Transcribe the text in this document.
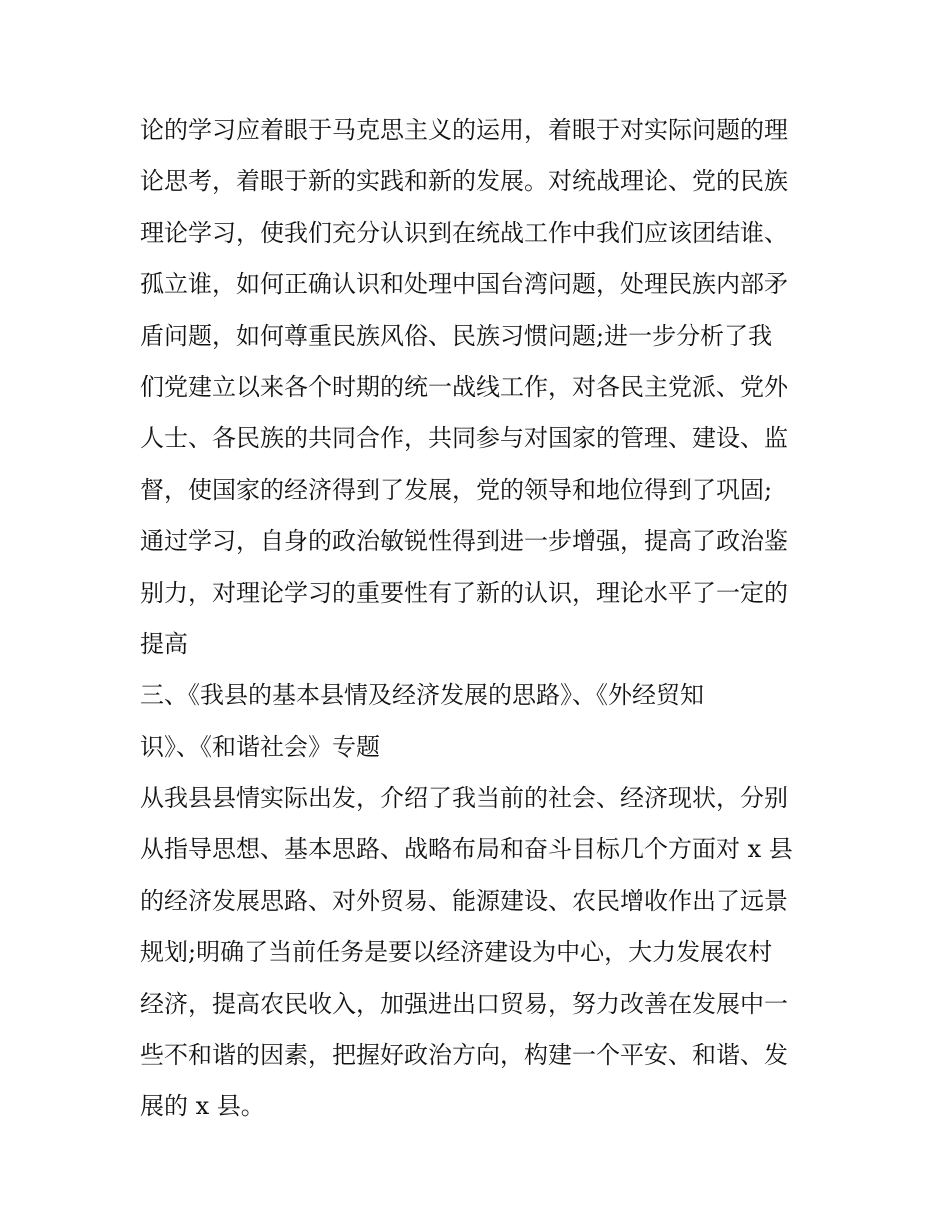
论的学习应着眼于马克思主义的运用，着眼于对实际问题的理
论思考，着眼于新的实践和新的发展。对统战理论、党的民族
理论学习，使我们充分认识到在统战工作中我们应该团结谁、
孤立谁，如何正确认识和处理中国台湾问题，处理民族内部矛
盾问题，如何尊重民族风俗、民族习惯问题;进一步分析了我
们党建立以来各个时期的统一战线工作，对各民主党派、党外
人士、各民族的共同合作，共同参与对国家的管理、建设、监
督，使国家的经济得到了发展，党的领导和地位得到了巩固;
通过学习，自身的政治敏锐性得到进一步增强，提高了政治鉴
别力，对理论学习的重要性有了新的认识，理论水平了一定的
提高
三、《我县的基本县情及经济发展的思路》、《外经贸知
识》、《和谐社会》专题
从我县县情实际出发，介绍了我当前的社会、经济现状，分别
从指导思想、基本思路、战略布局和奋斗目标几个方面对 x 县
的经济发展思路、对外贸易、能源建设、农民增收作出了远景
规划;明确了当前任务是要以经济建设为中心，大力发展农村
经济，提高农民收入，加强进出口贸易，努力改善在发展中一
些不和谐的因素，把握好政治方向，构建一个平安、和谐、发
展的 x 县。
